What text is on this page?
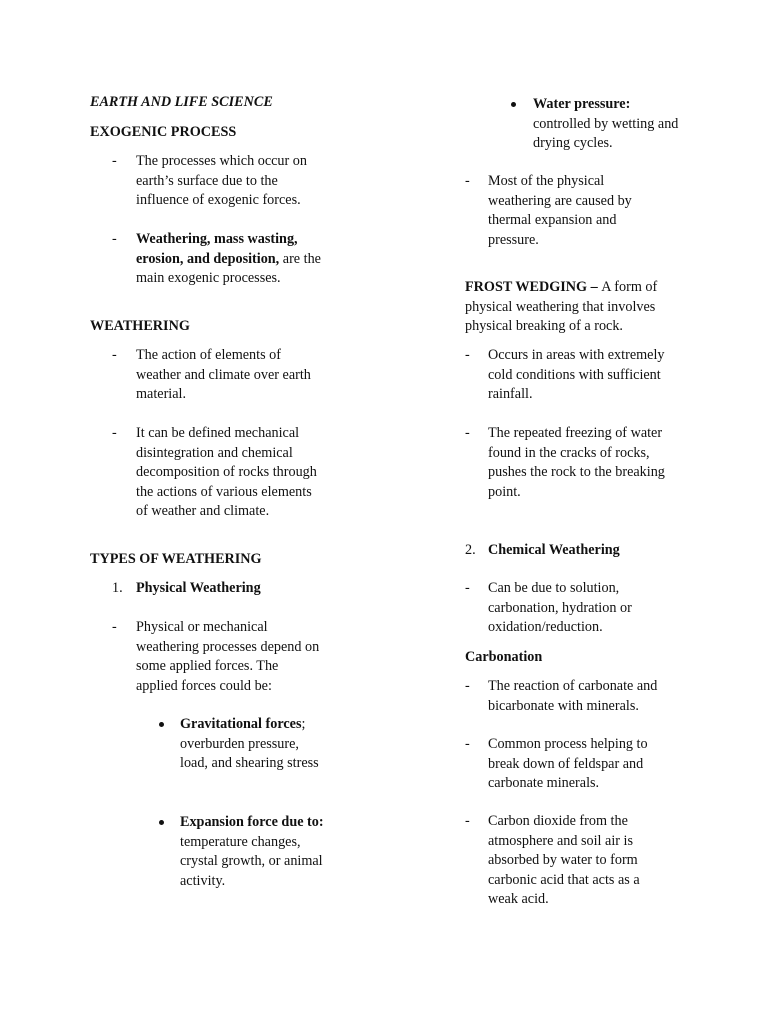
EARTH AND LIFE SCIENCE
EXOGENIC PROCESS
- The processes which occur on earth’s surface due to the influence of exogenic forces.
- Weathering, mass wasting, erosion, and deposition, are the main exogenic processes.
WEATHERING
- The action of elements of weather and climate over earth material.
- It can be defined mechanical disintegration and chemical decomposition of rocks through the actions of various elements of weather and climate.
TYPES OF WEATHERING
1. Physical Weathering
- Physical or mechanical weathering processes depend on some applied forces. The applied forces could be:
Gravitational forces; overburden pressure, load, and shearing stress
Expansion force due to: temperature changes, crystal growth, or animal activity.
Water pressure: controlled by wetting and drying cycles.
- Most of the physical weathering are caused by thermal expansion and pressure.
FROST WEDGING – A form of physical weathering that involves physical breaking of a rock.
- Occurs in areas with extremely cold conditions with sufficient rainfall.
- The repeated freezing of water found in the cracks of rocks, pushes the rock to the breaking point.
2. Chemical Weathering
- Can be due to solution, carbonation, hydration or oxidation/reduction.
Carbonation
- The reaction of carbonate and bicarbonate with minerals.
- Common process helping to break down of feldspar and carbonate minerals.
- Carbon dioxide from the atmosphere and soil air is absorbed by water to form carbonic acid that acts as a weak acid.
